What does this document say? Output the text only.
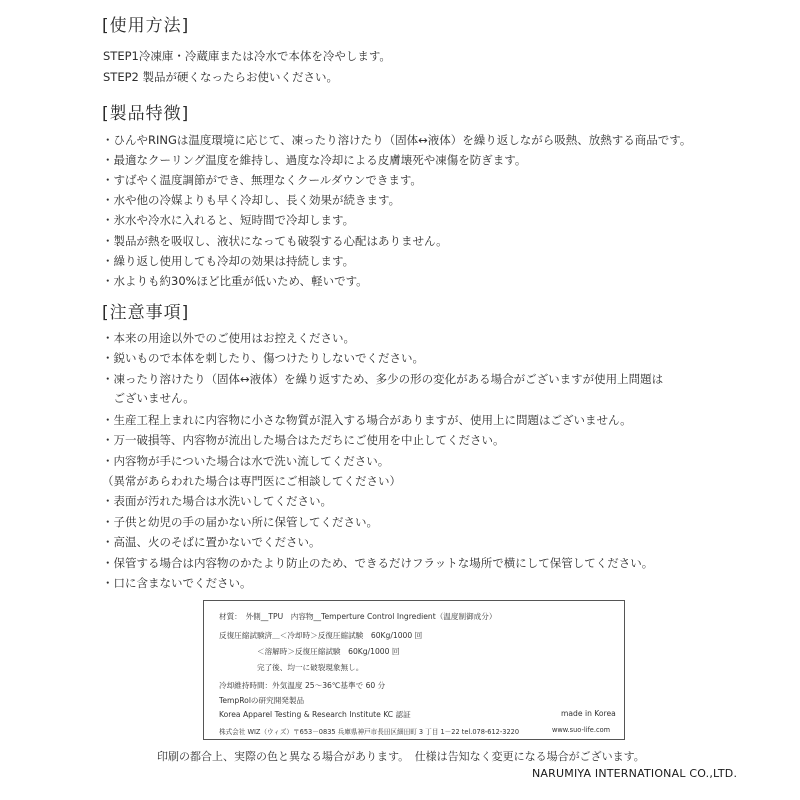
[使用方法]
STEP1冷凍庫・冷蔵庫または冷水で本体を冷やします。
STEP2 製品が硬くなったらお使いください。
[製品特徴]
・ひんやRINGは温度環境に応じて、凍ったり溶けたり（固体↔液体）を繰り返しながら吸熱、放熱する商品です。
・最適なクーリング温度を維持し、過度な冷却による皮膚壊死や凍傷を防ぎます。
・すばやく温度調節ができ、無理なくクールダウンできます。
・水や他の冷媒よりも早く冷却し、長く効果が続きます。
・氷水や冷水に入れると、短時間で冷却します。
・製品が熱を吸収し、液状になっても破裂する心配はありません。
・繰り返し使用しても冷却の効果は持続します。
・水よりも約30%ほど比重が低いため、軽いです。
[注意事項]
・本来の用途以外でのご使用はお控えください。
・鋭いもので本体を刺したり、傷つけたりしないでください。
・凍ったり溶けたり（固体↔液体）を繰り返すため、多少の形の変化がある場合がございますが使用上問題は
　ございません。
・生産工程上まれに内容物に小さな物質が混入する場合がありますが、使用上に問題はございません。
・万一破損等、内容物が流出した場合はただちにご使用を中止してください。
・内容物が手についた場合は水で洗い流してください。
（異常があらわれた場合は専門医にご相談してください）
・表面が汚れた場合は水洗いしてください。
・子供と幼児の手の届かない所に保管してください。
・高温、火のそばに置かないでください。
・保管する場合は内容物のかたより防止のため、できるだけフラットな場所で横にして保管してください。
・口に含まないでください。
材質：　外側__TPU　内容物__Temperture Control Ingredient（温度制御成分）
反復圧縮試験済＿＜冷却時＞反復圧縮試験　60Kg/1000 回
＜溶解時＞反復圧縮試験　60Kg/1000 回
完了後、均一に破裂現象無し。
冷却維持時間：外気温度 25～36℃基準で 60 分
TempRolの研究開発製品
Korea Apparel Testing & Research Institute KC 認証	made in Korea
株式会社 WIZ（ウィズ）〒653－0835 兵庫県神戸市長田区細田町 3 丁目 1－22 tel.078-612-3220	www.suo-life.com
印刷の都合上、実際の色と異なる場合があります。　仕様は告知なく変更になる場合がございます。
NARUMIYA INTERNATIONAL CO.,LTD.
